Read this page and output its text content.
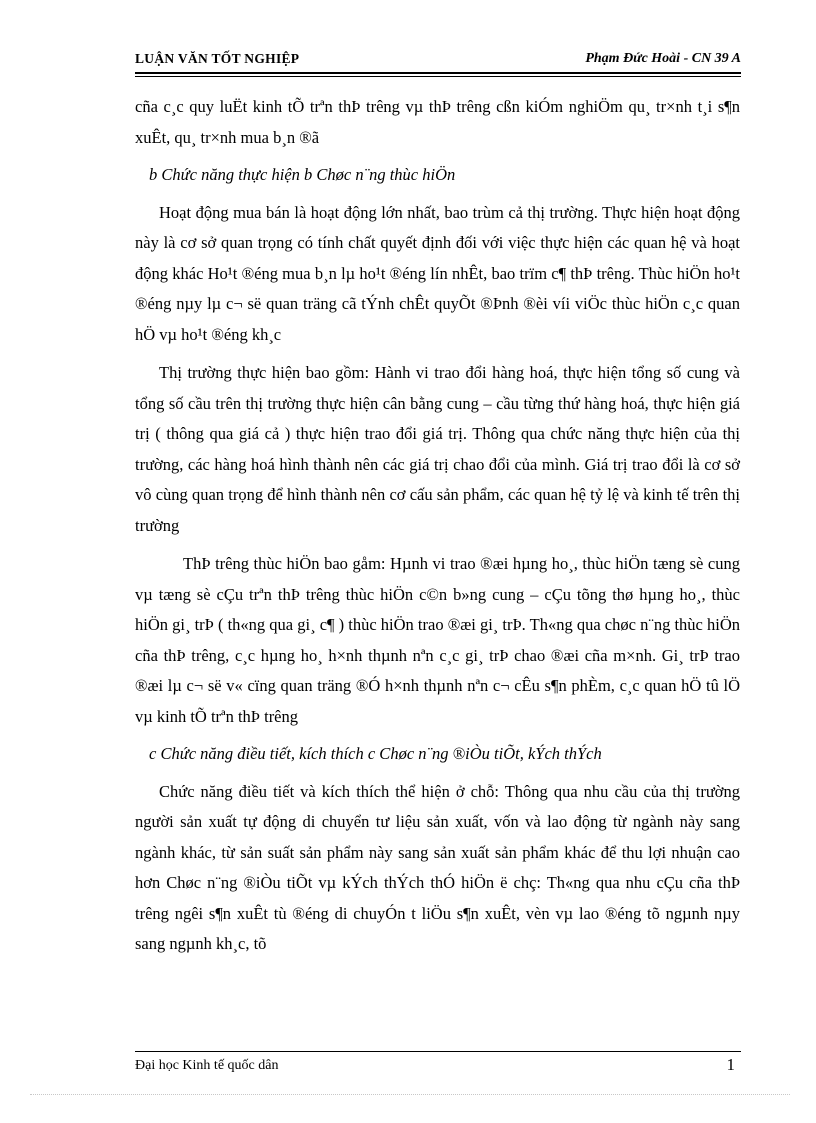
LUẬN VĂN TỐT NGHIỆP	Phạm Đức Hoài - CN 39 A

cña c¸c quy luËt kinh tÕ trªn thÞ trêng vµ thÞ trêng cßn kiÓm nghiÖm qu¸ tr×nh t¸i s¶n xuÊt, qu¸ tr×nh mua b¸n ®ã

b Chức năng thực hiện b Chøc n¨ng thùc hiÖn

Hoạt động mua bán là hoạt động lớn nhất, bao trùm cả thị trường. Thực hiện hoạt động này là cơ sở quan trọng có tính chất quyết định đối với việc thực hiện các quan hệ và hoạt động khác Ho¹t ®éng mua b¸n lµ ho¹t ®éng lín nhÊt, bao trïm c¶ thÞ trêng. Thùc hiÖn ho¹t ®éng nµy lµ c¬ së quan träng cã tÝnh chÊt quyÕt ®Þnh ®èi víi viÖc thùc hiÖn c¸c quan hÖ vµ ho¹t ®éng kh¸c

Thị trường thực hiện bao gồm: Hành vi trao đổi hàng hoá, thực hiện tổng số cung và tổng số cầu trên thị trường thực hiện cân bằng cung – cầu từng thứ hàng hoá, thực hiện giá trị ( thông qua giá cả ) thực hiện trao đổi giá trị. Thông qua chức năng thực hiện của thị trường, các hàng hoá hình thành nên các giá trị chao đổi của mình. Giá trị trao đổi là cơ sở vô cùng quan trọng để hình thành nên cơ cấu sản phẩm, các quan hệ tỷ lệ và kinh tế trên thị trường

ThÞ trêng thùc hiÖn bao gåm: Hµnh vi trao ®æi hµng ho¸, thùc hiÖn tæng sè cung vµ tæng sè cÇu trªn thÞ trêng thùc hiÖn c©n b»ng cung – cÇu tõng thø hµng ho¸, thùc hiÖn gi¸ trÞ ( th«ng qua gi¸ c¶ ) thùc hiÖn trao ®æi gi¸ trÞ. Th«ng qua chøc n¨ng thùc hiÖn cña thÞ trêng, c¸c hµng ho¸ h×nh thµnh nªn c¸c gi¸ trÞ chao ®æi cña m×nh. Gi¸ trÞ trao ®æi lµ c¬ së v« cïng quan träng ®Ó h×nh thµnh nªn c¬ cÊu s¶n phÈm, c¸c quan hÖ tû lÖ vµ kinh tÕ trªn thÞ trêng

c Chức năng điều tiết, kích thích c Chøc n¨ng ®iÒu tiÕt, kÝch thÝch

Chức năng điều tiết và kích thích thể hiện ở chỗ: Thông qua nhu cầu của thị trường người sản xuất tự động di chuyển tư liệu sản xuất, vốn và lao động từ ngành này sang ngành khác, từ sản suất sản phẩm này sang sản xuất sản phẩm khác để thu lợi nhuận cao hơn Chøc n¨ng ®iÒu tiÕt vµ kÝch thÝch thÓ hiÖn ë chç: Th«ng qua nhu cÇu cña thÞ trêng ngêi s¶n xuÊt tù ®éng di chuyÓn t liÖu s¶n xuÊt, vèn vµ lao ®éng tõ ngµnh nµy sang ngµnh kh¸c, tõ

Đại học Kinh tế quốc dân	1
